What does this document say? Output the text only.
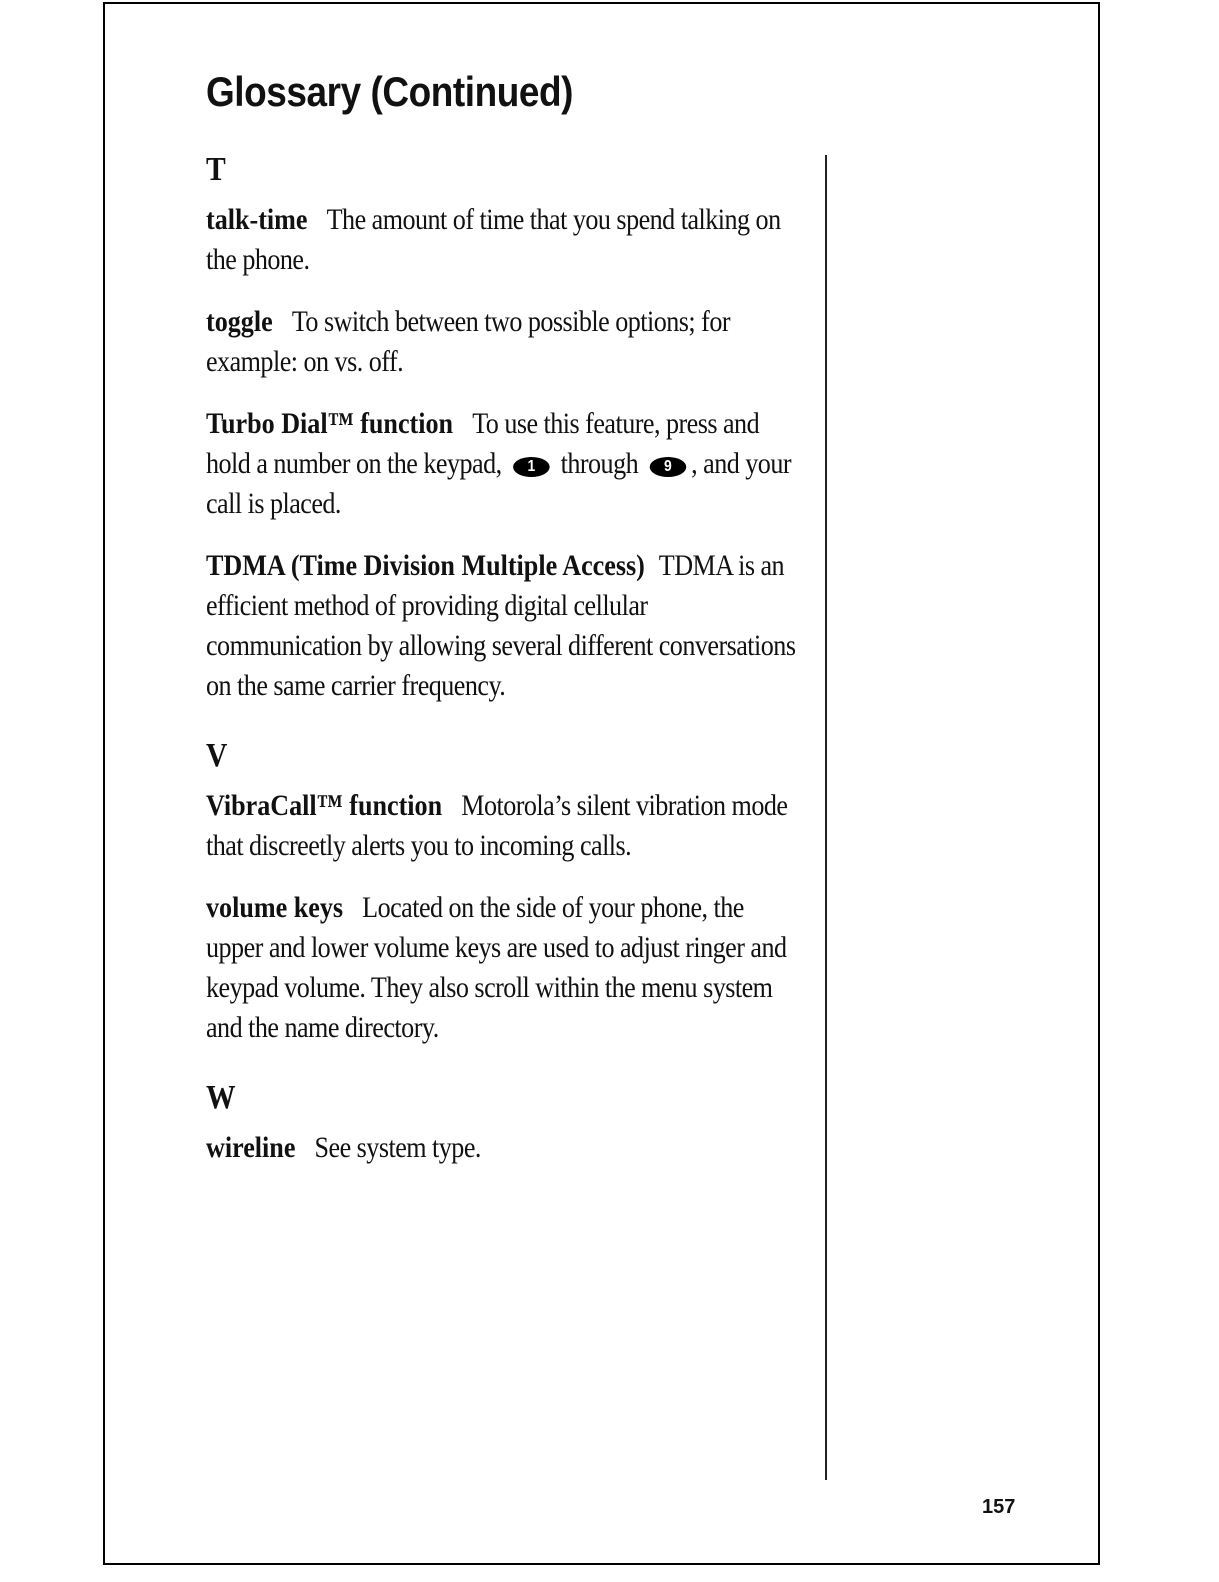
Glossary (Continued)
T

talk-time The amount of time that you spend talking on the phone.

toggle To switch between two possible options; for example: on vs. off.

Turbo Dial™ function To use this feature, press and hold a number on the keypad, 1 through 9 , and your call is placed.

TDMA (Time Division Multiple Access) TDMA is an efficient method of providing digital cellular communication by allowing several different conversations on the same carrier frequency.

V

VibraCall™ function Motorola’s silent vibration mode that discreetly alerts you to incoming calls.

volume keys Located on the side of your phone, the upper and lower volume keys are used to adjust ringer and keypad volume. They also scroll within the menu system and the name directory.

W

wireline See system type.

157
